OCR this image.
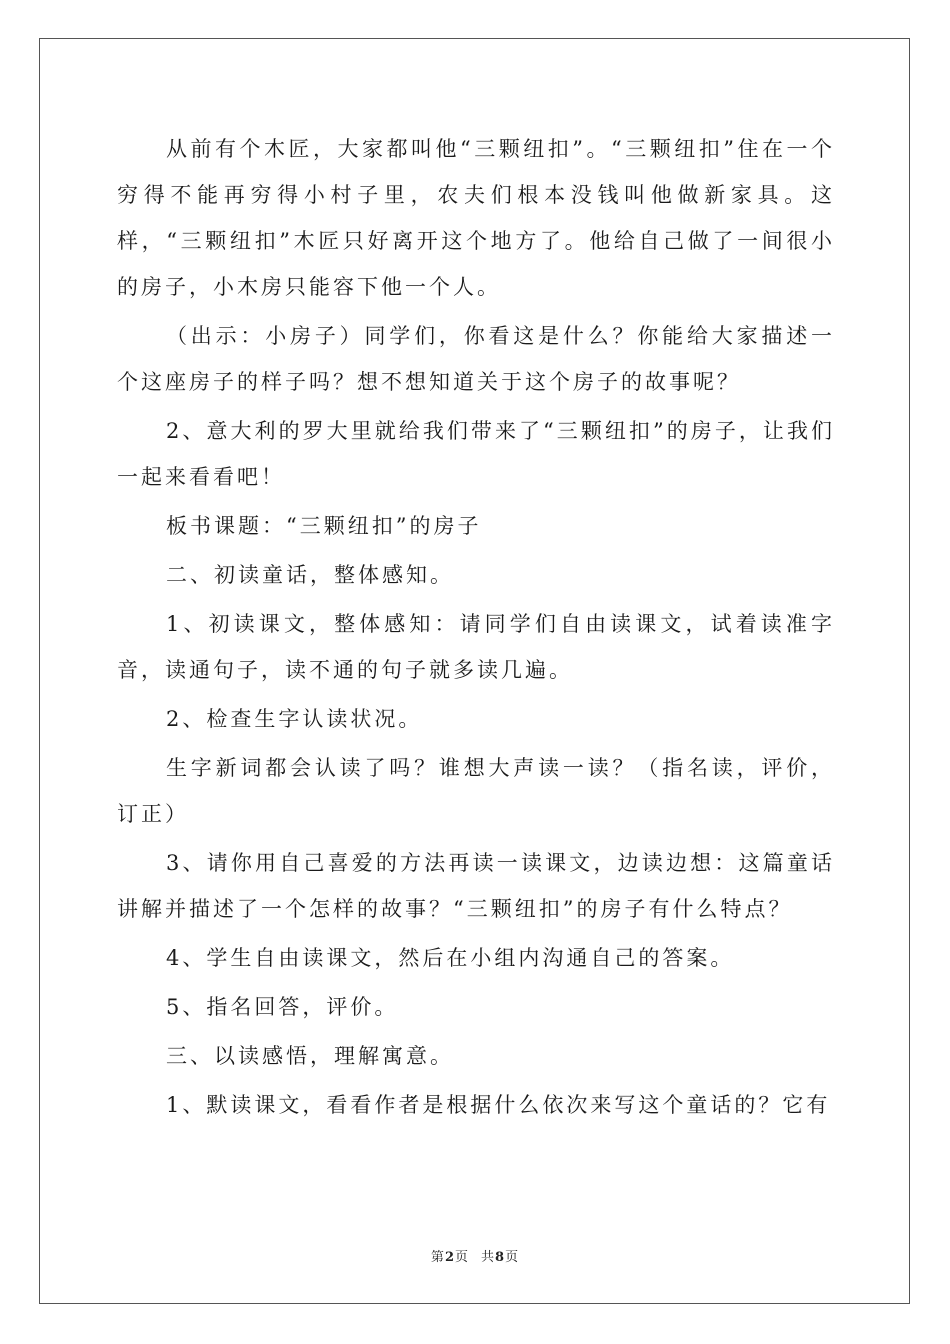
从前有个木匠，大家都叫他“三颗纽扣”。“三颗纽扣”住在一个穷得不能再穷得小村子里，农夫们根本没钱叫他做新家具。这样，“三颗纽扣”木匠只好离开这个地方了。他给自己做了一间很小的房子，小木房只能容下他一个人。

（出示：小房子）同学们，你看这是什么？你能给大家描述一个这座房子的样子吗？想不想知道关于这个房子的故事呢？

2、意大利的罗大里就给我们带来了“三颗纽扣”的房子，让我们一起来看看吧！

板书课题：“三颗纽扣”的房子

二、初读童话，整体感知。

1、初读课文，整体感知：请同学们自由读课文，试着读准字音，读通句子，读不通的句子就多读几遍。

2、检查生字认读状况。

生字新词都会认读了吗？谁想大声读一读？（指名读，评价，订正）

3、请你用自己喜爱的方法再读一读课文，边读边想：这篇童话讲解并描述了一个怎样的故事？“三颗纽扣”的房子有什么特点？

4、学生自由读课文，然后在小组内沟通自己的答案。

5、指名回答，评价。

三、以读感悟，理解寓意。

1、默读课文，看看作者是根据什么依次来写这个童话的？它有

第2页 共8页
